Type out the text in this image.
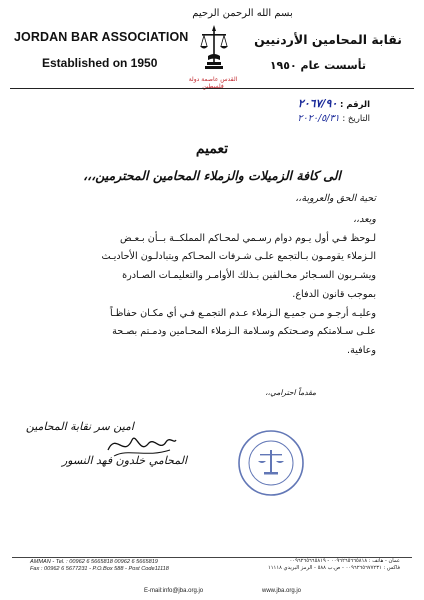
JORDAN BAR ASSOCIATION
Established on 1950
بسم الله الرحمن الرحيم
نقابة المحامين الأردنيين
تأسست عام ١٩٥٠
القدس عاصمة دولة فلسطين
الرقم : ٢٠٦٧/٩٠
التاريخ : ٢٠٢٠/٥/٣١
تعميم
الى كافة الزميلات والزملاء المحامين المحترمين،،،
تحية الحق والعروبة،،
وبعد،،
لـوحظ فـي أول يـوم دوام رسـمي لمحـاكم المملكــة بــأن بـعـض
الـزملاء يقومـون بـالتجمع علـى شـرفات المحـاكم ويتبادلـون الأحاديـث
ويشـربون السـجائر مخـالفين بـذلك الأوامـر والتعليمـات الصـادرة
بموجب قانون الدفاع.
وعليـه أرجـو مـن جميـع الـزملاء عـدم التجمـع فـي أي مكـان حفاظـاً
علـى سـلامتكم وصـحتكم وسـلامة الـزملاء المحـامين ودمـتم بصـحة
وعافية.
مقدماً احترامي،،
امين سر نقابة المحامين
المحامي خلدون فهد النسور
AMMAN - Tel. : 00962 6 5665818 00962 6 5665819
Fax : 00962 6 5677231 - P.O.Box 588 - Post Code11118
عمان - هاتف : ٠٠٩٦٢٦٥٦٦٥٨١٨ - ٠٠٩٦٢٦٥٦٦٥٨١٩
فاكس : ٠٠٩٦٢٦٥٦٧٧٢٣١ - ص.ب ٥٨٨ - الرمز البريدي ١١١١٨
E-mail:info@jba.org.jo	www.jba.org.jo
